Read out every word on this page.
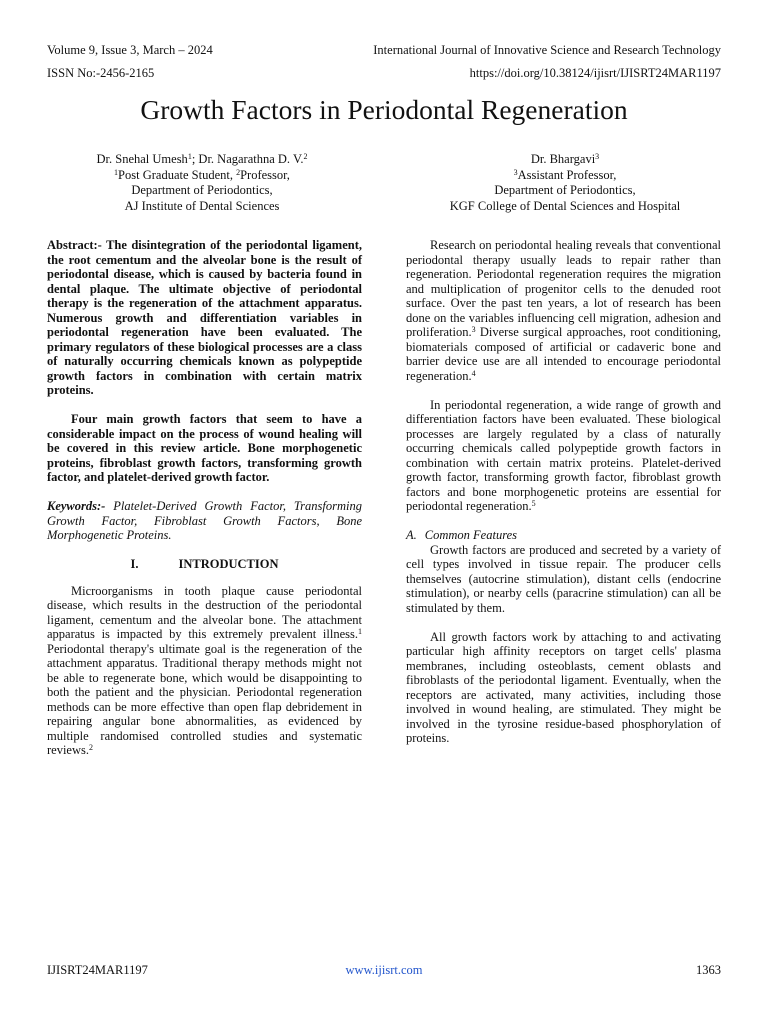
Volume 9, Issue 3, March – 2024	International Journal of Innovative Science and Research Technology
ISSN No:-2456-2165	https://doi.org/10.38124/ijisrt/IJISRT24MAR1197
Growth Factors in Periodontal Regeneration
Dr. Snehal Umesh$^1$; Dr. Nagarathna D. V.$^2$
$^1$Post Graduate Student, $^2$Professor,
Department of Periodontics,
AJ Institute of Dental Sciences
Dr. Bhargavi$^3$
$^3$Assistant Professor,
Department of Periodontics,
KGF College of Dental Sciences and Hospital

Abstract:- The disintegration of the periodontal ligament, the root cementum and the alveolar bone is the result of periodontal disease, which is caused by bacteria found in dental plaque. The ultimate objective of periodontal therapy is the regeneration of the attachment apparatus. Numerous growth and differentiation variables in periodontal regeneration have been evaluated. The primary regulators of these biological processes are a class of naturally occurring chemicals known as polypeptide growth factors in combination with certain matrix proteins.

Four main growth factors that seem to have a considerable impact on the process of wound healing will be covered in this review article. Bone morphogenetic proteins, fibroblast growth factors, transforming growth factor, and platelet-derived growth factor.

Keywords:- Platelet-Derived Growth Factor, Transforming Growth Factor, Fibroblast Growth Factors, Bone Morphogenetic Proteins.

I.	INTRODUCTION

Microorganisms in tooth plaque cause periodontal disease, which results in the destruction of the periodontal ligament, cementum and the alveolar bone. The attachment apparatus is impacted by this extremely prevalent illness.$^1$ Periodontal therapy's ultimate goal is the regeneration of the attachment apparatus. Traditional therapy methods might not be able to regenerate bone, which would be disappointing to both the patient and the physician. Periodontal regeneration methods can be more effective than open flap debridement in repairing angular bone abnormalities, as evidenced by multiple randomised controlled studies and systematic reviews.$^2$

Research on periodontal healing reveals that conventional periodontal therapy usually leads to repair rather than regeneration. Periodontal regeneration requires the migration and multiplication of progenitor cells to the denuded root surface. Over the past ten years, a lot of research has been done on the variables influencing cell migration, adhesion and proliferation.$^3$ Diverse surgical approaches, root conditioning, biomaterials composed of artificial or cadaveric bone and barrier device use are all intended to encourage periodontal regeneration.$^4$

In periodontal regeneration, a wide range of growth and differentiation factors have been evaluated. These biological processes are largely regulated by a class of naturally occurring chemicals called polypeptide growth factors in combination with certain matrix proteins. Platelet-derived growth factor, transforming growth factor, fibroblast growth factors and bone morphogenetic proteins are essential for periodontal regeneration.$^5$

A. Common Features

Growth factors are produced and secreted by a variety of cell types involved in tissue repair. The producer cells themselves (autocrine stimulation), distant cells (endocrine stimulation), or nearby cells (paracrine stimulation) can all be stimulated by them.

All growth factors work by attaching to and activating particular high affinity receptors on target cells' plasma membranes, including osteoblasts, cement oblasts and fibroblasts of the periodontal ligament. Eventually, when the receptors are activated, many activities, including those involved in wound healing, are stimulated. They might be involved in the tyrosine residue-based phosphorylation of proteins.

IJISRT24MAR1197	www.ijisrt.com	1363
